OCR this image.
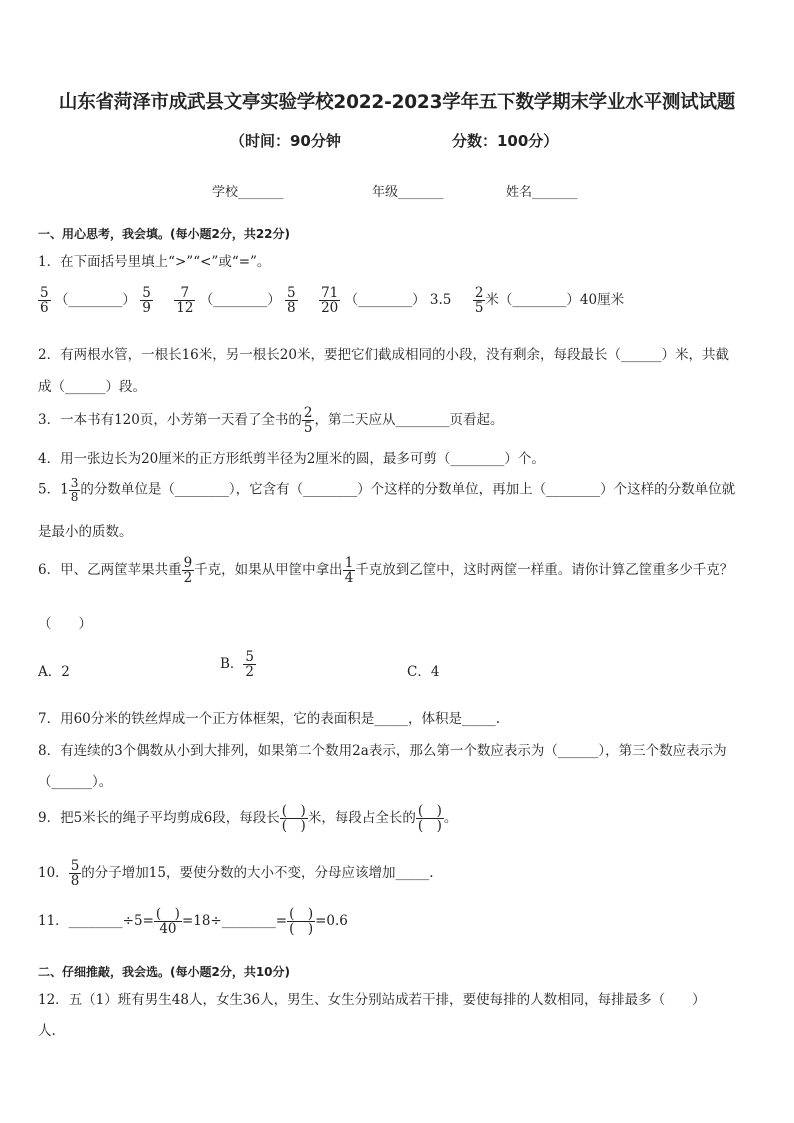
山东省菏泽市成武县文亭实验学校2022-2023学年五下数学期末学业水平测试试题
（时间：90分钟	分数：100分）
学校_______	年级_______	姓名_______
一、用心思考，我会填。(每小题2分，共22分)
1．在下面括号里填上“>”“<”或“=”。
$\frac{5}{6}$ （________） $\frac{5}{9}$
$\frac{7}{12}$ （________） $\frac{5}{8}$
$\frac{71}{20}$ （________） $3.5 \frac{2}{5}$ 米（________）40厘米
2．有两根水管，一根长16米，另一根长20米，要把它们截成相同的小段，没有剩余，每段最长（______）米，共截
成（______）段。
3．一本书有120页，小芳第一天看了全书的 $\frac{2}{5}$ ，第二天应从________页看起。
4．用一张边长为20厘米的正方形纸剪半径为2厘米的圆，最多可剪（________）个。
5．$1 \frac{3}{8}$ 的分数单位是（________），它含有（________）个这样的分数单位，再加上（________）个这样的分数单位就
是最小的质数。
6．甲、乙两筐苹果共重 $\frac{9}{2}$ 千克，如果从甲筐中拿出 $\frac{1}{4}$ 千克放到乙筐中，这时两筐一样重。请你计算乙筐重多少千克？
（　　）
A．2	B． $\frac{5}{2}$	C．4
7．用60分米的铁丝焊成一个正方体框架，它的表面积是_____，体积是_____.
8．有连续的3个偶数从小到大排列，如果第二个数用2a表示，那么第一个数应表示为（______），第三个数应表示为
（______）。
9．把5米长的绳子平均剪成6段，每段长 $\frac{( )}{( )}$ 米，每段占全长的 $\frac{( )}{( )}$ 。
10． $\frac{5}{8}$ 的分子增加15，要使分数的大小不变，分母应该增加_____.
11．________÷5= $\frac{( )}{40}$ =18÷________= $\frac{( )}{( )} =0.6$
二、仔细推敲，我会选。(每小题2分，共10分)
12．五（1）班有男生48人，女生36人，男生、女生分别站成若干排，要使每排的人数相同，每排最多（　　）
人.
